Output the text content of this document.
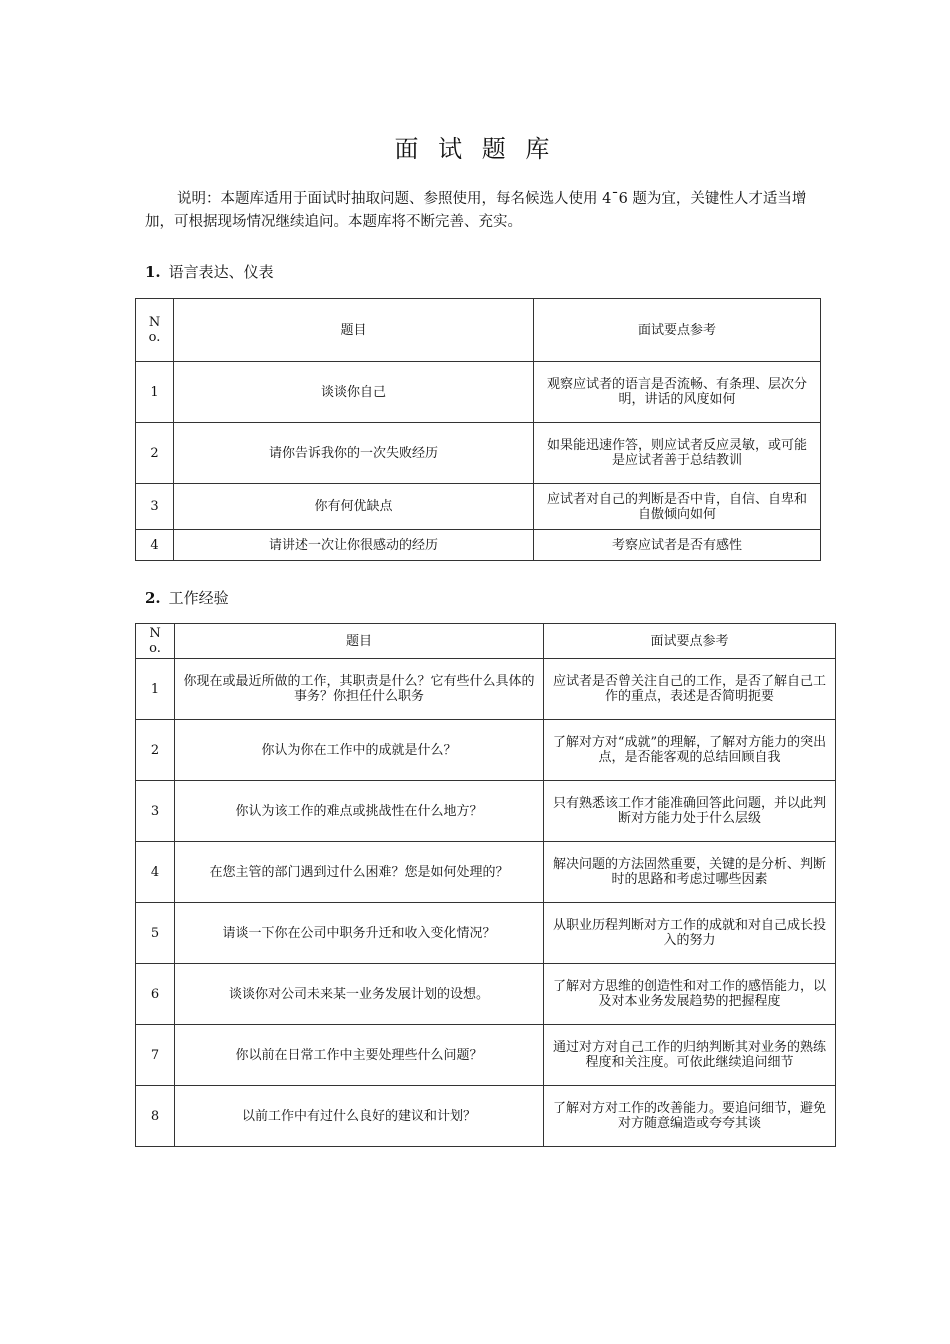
面 试 题 库
说明：本题库适用于面试时抽取问题、参照使用，每名候选人使用 4¯6 题为宜，关键性人才适当增加，可根据现场情况继续追问。本题库将不断完善、充实。
1. 语言表达、仪表
No.	题目	面试要点参考
1	谈谈你自己	观察应试者的语言是否流畅、有条理、层次分明，讲话的风度如何
2	请你告诉我你的一次失败经历	如果能迅速作答，则应试者反应灵敏，或可能是应试者善于总结教训
3	你有何优缺点	应试者对自己的判断是否中肯，自信、自卑和自傲倾向如何
4	请讲述一次让你很感动的经历	考察应试者是否有感性
2. 工作经验
No.	题目	面试要点参考
1	你现在或最近所做的工作，其职责是什么？它有些什么具体的事务？你担任什么职务	应试者是否曾关注自己的工作，是否了解自己工作的重点，表述是否简明扼要
2	你认为你在工作中的成就是什么？	了解对方对“成就”的理解，了解对方能力的突出点，是否能客观的总结回顾自我
3	你认为该工作的难点或挑战性在什么地方？	只有熟悉该工作才能准确回答此问题，并以此判断对方能力处于什么层级
4	在您主管的部门遇到过什么困难？您是如何处理的？	解决问题的方法固然重要，关键的是分析、判断时的思路和考虑过哪些因素
5	请谈一下你在公司中职务升迁和收入变化情况？	从职业历程判断对方工作的成就和对自己成长投入的努力
6	谈谈你对公司未来某一业务发展计划的设想。	了解对方思维的创造性和对工作的感悟能力，以及对本业务发展趋势的把握程度
7	你以前在日常工作中主要处理些什么问题？	通过对方对自己工作的归纳判断其对业务的熟练程度和关注度。可依此继续追问细节
8	以前工作中有过什么良好的建议和计划？	了解对方对工作的改善能力。要追问细节，避免对方随意编造或夸夸其谈
